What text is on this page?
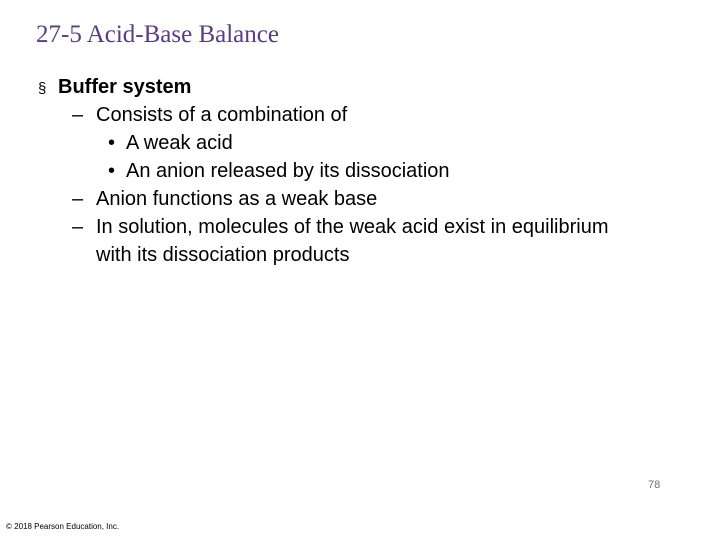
27-5 Acid-Base Balance
§ Buffer system
– Consists of a combination of
• A weak acid
• An anion released by its dissociation
– Anion functions as a weak base
– In solution, molecules of the weak acid exist in equilibrium with its dissociation products
78
© 2018 Pearson Education, Inc.
